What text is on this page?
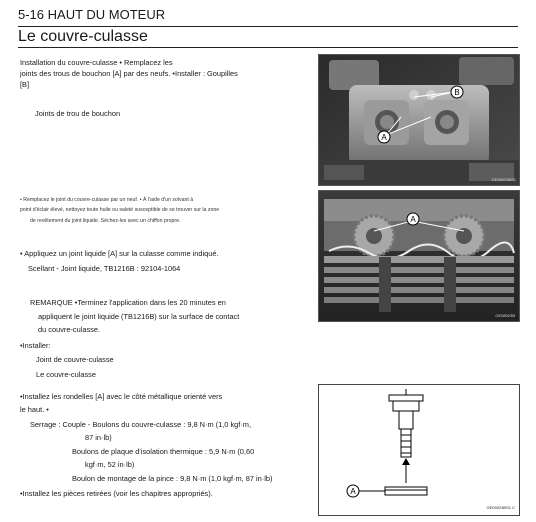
5-16 HAUT DU MOTEUR
Le couvre-culasse
Installation du couvre-culasse • Remplacez les
joints des trous de bouchon [A] par des neufs. •Installer : Goupilles
[B]
Joints de trou de bouchon
B
A
GE08023BS1
• Remplacez le joint du couvre-culasse par un neuf. • À l'aide d'un solvant à
point d'éclair élevé, nettoyez toute huile ou saleté susceptible de se trouver sur la zone
de revêtement du joint liquide. Séchez-les avec un chiffon propre.
• Appliquez un joint liquide [A] sur la culasse comme indiqué.
Scellant - Joint liquide, TB1216B : 92104-1064
A
GE08023B
REMARQUE •Terminez l'application dans les 20 minutes en
appliquent le joint liquide (TB1216B) sur la surface de contact
du couvre-culasse.
•Installer:
Joint de couvre-culasse
Le couvre-culasse
•Installez les rondelles [A] avec le côté métallique orienté vers
le haut. •
Serrage : Couple - Boulons du couvre-culasse : 9,8 N·m (1,0 kgf·m,
87 in·lb)
Boulons de plaque d'isolation thermique : 5,9 N·m (0,60
kgf·m, 52 in·lb)
Boulon de montage de la pince : 9,8 N·m (1,0 kgf·m, 87 in·lb)
•Installez les pièces retirées (voir les chapitres appropriés).	A
GE09023BS1 C
